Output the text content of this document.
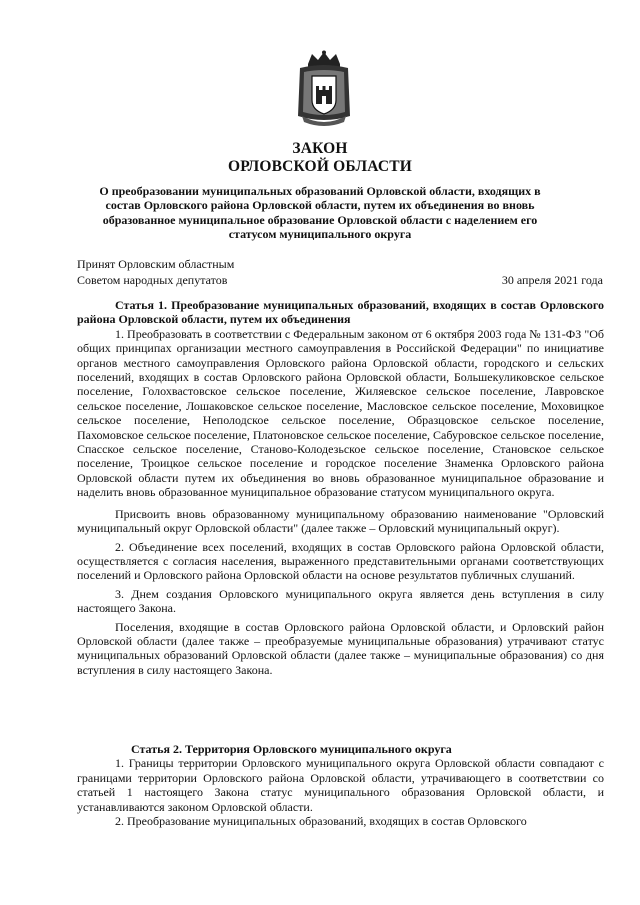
ЗАКОН
ОРЛОВСКОЙ ОБЛАСТИ
О преобразовании муниципальных образований Орловской области, входящих в состав Орловского района Орловской области, путем их объединения во вновь образованное муниципальное образование Орловской области с наделением его статусом муниципального округа
Принят Орловским областным
Советом народных депутатов	30 апреля 2021 года

Статья 1. Преобразование муниципальных образований, входящих в состав Орловского района Орловской области, путем их объединения

1. Преобразовать в соответствии с Федеральным законом от 6 октября 2003 года № 131-ФЗ "Об общих принципах организации местного самоуправления в Российской Федерации" по инициативе органов местного самоуправления Орловского района Орловской области, городского и сельских поселений, входящих в состав Орловского района Орловской области, Большекуликовское сельское поселение, Голохвастовское сельское поселение, Жиляевское сельское поселение, Лавровское сельское поселение, Лошаковское сельское поселение, Масловское сельское поселение, Моховицкое сельское поселение, Неполодское сельское поселение, Образцовское сельское поселение, Пахомовское сельское поселение, Платоновское сельское поселение, Сабуровское сельское поселение, Спасское сельское поселение, Станово-Колодезьское сельское поселение, Становское сельское поселение, Троицкое сельское поселение и городское поселение Знаменка Орловского района Орловской области путем их объединения во вновь образованное муниципальное образование и наделить вновь образованное муниципальное образование статусом муниципального округа.

Присвоить вновь образованному муниципальному образованию наименование "Орловский муниципальный округ Орловской области" (далее также – Орловский муниципальный округ).

2. Объединение всех поселений, входящих в состав Орловского района Орловской области, осуществляется с согласия населения, выраженного представительными органами соответствующих поселений и Орловского района Орловской области на основе результатов публичных слушаний.

3. Днем создания Орловского муниципального округа является день вступления в силу настоящего Закона.

Поселения, входящие в состав Орловского района Орловской области, и Орловский район Орловской области (далее также – преобразуемые муниципальные образования) утрачивают статус муниципальных образований Орловской области (далее также – муниципальные образования) со дня вступления в силу настоящего Закона.

Статья 2. Территория Орловского муниципального округа

1. Границы территории Орловского муниципального округа Орловской области совпадают с границами территории Орловского района Орловской области, утрачивающего в соответствии со статьей 1 настоящего Закона статус муниципального образования Орловской области, и устанавливаются законом Орловской области.

2. Преобразование муниципальных образований, входящих в состав Орловского
